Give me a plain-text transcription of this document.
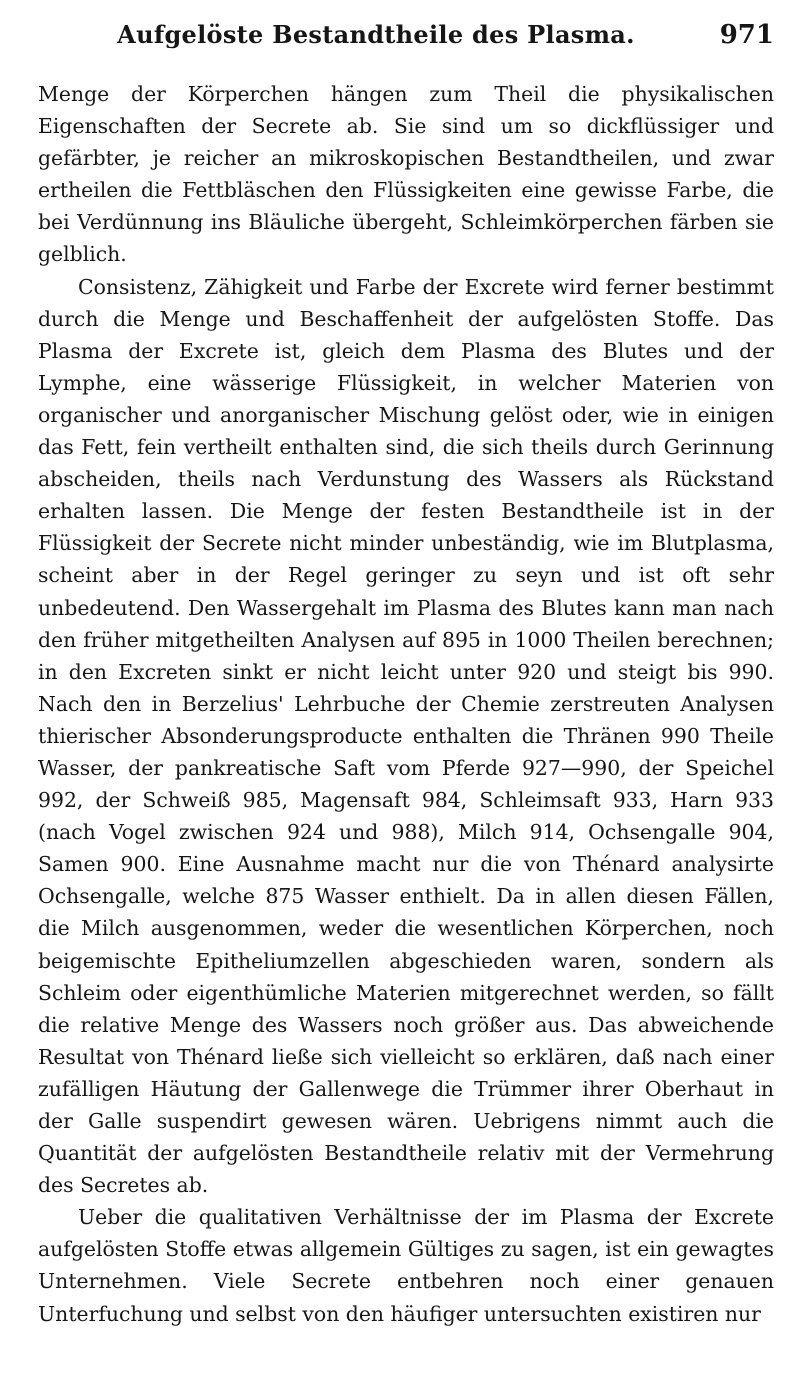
Aufgelöste Bestandtheile des Plasma.	971

Menge der Körperchen hängen zum Theil die physikalischen Eigenschaften der Secrete ab. Sie sind um so dickflüssiger und gefärbter, je reicher an mikroskopischen Bestandtheilen, und zwar ertheilen die Fettbläschen den Flüssigkeiten eine gewisse Farbe, die bei Verdünnung ins Bläuliche übergeht, Schleimkörperchen färben sie gelblich.

Consistenz, Zähigkeit und Farbe der Excrete wird ferner bestimmt durch die Menge und Beschaffenheit der aufgelösten Stoffe. Das Plasma der Excrete ist, gleich dem Plasma des Blutes und der Lymphe, eine wässerige Flüssigkeit, in welcher Materien von organischer und anorganischer Mischung gelöst oder, wie in einigen das Fett, fein vertheilt enthalten sind, die sich theils durch Gerinnung abscheiden, theils nach Verdunstung des Wassers als Rückstand erhalten lassen. Die Menge der festen Bestandtheile ist in der Flüssigkeit der Secrete nicht minder unbeständig, wie im Blutplasma, scheint aber in der Regel geringer zu seyn und ist oft sehr unbedeutend. Den Wassergehalt im Plasma des Blutes kann man nach den früher mitgetheilten Analysen auf 895 in 1000 Theilen berechnen; in den Excreten sinkt er nicht leicht unter 920 und steigt bis 990. Nach den in Berzelius' Lehrbuche der Chemie zerstreuten Analysen thierischer Absonderungsproducte enthalten die Thränen 990 Theile Wasser, der pankreatische Saft vom Pferde 927—990, der Speichel 992, der Schweiß 985, Magensaft 984, Schleimsaft 933, Harn 933 (nach Vogel zwischen 924 und 988), Milch 914, Ochsengalle 904, Samen 900. Eine Ausnahme macht nur die von Thénard analysirte Ochsengalle, welche 875 Wasser enthielt. Da in allen diesen Fällen, die Milch ausgenommen, weder die wesentlichen Körperchen, noch beigemischte Epitheliumzellen abgeschieden waren, sondern als Schleim oder eigenthümliche Materien mitgerechnet werden, so fällt die relative Menge des Wassers noch größer aus. Das abweichende Resultat von Thénard ließe sich vielleicht so erklären, daß nach einer zufälligen Häutung der Gallenwege die Trümmer ihrer Oberhaut in der Galle suspendirt gewesen wären. Uebrigens nimmt auch die Quantität der aufgelösten Bestandtheile relativ mit der Vermehrung des Secretes ab.

Ueber die qualitativen Verhältnisse der im Plasma der Excrete aufgelösten Stoffe etwas allgemein Gültiges zu sagen, ist ein gewagtes Unternehmen. Viele Secrete entbehren noch einer genauen Unterfuchung und selbst von den häufiger untersuchten existiren nur
